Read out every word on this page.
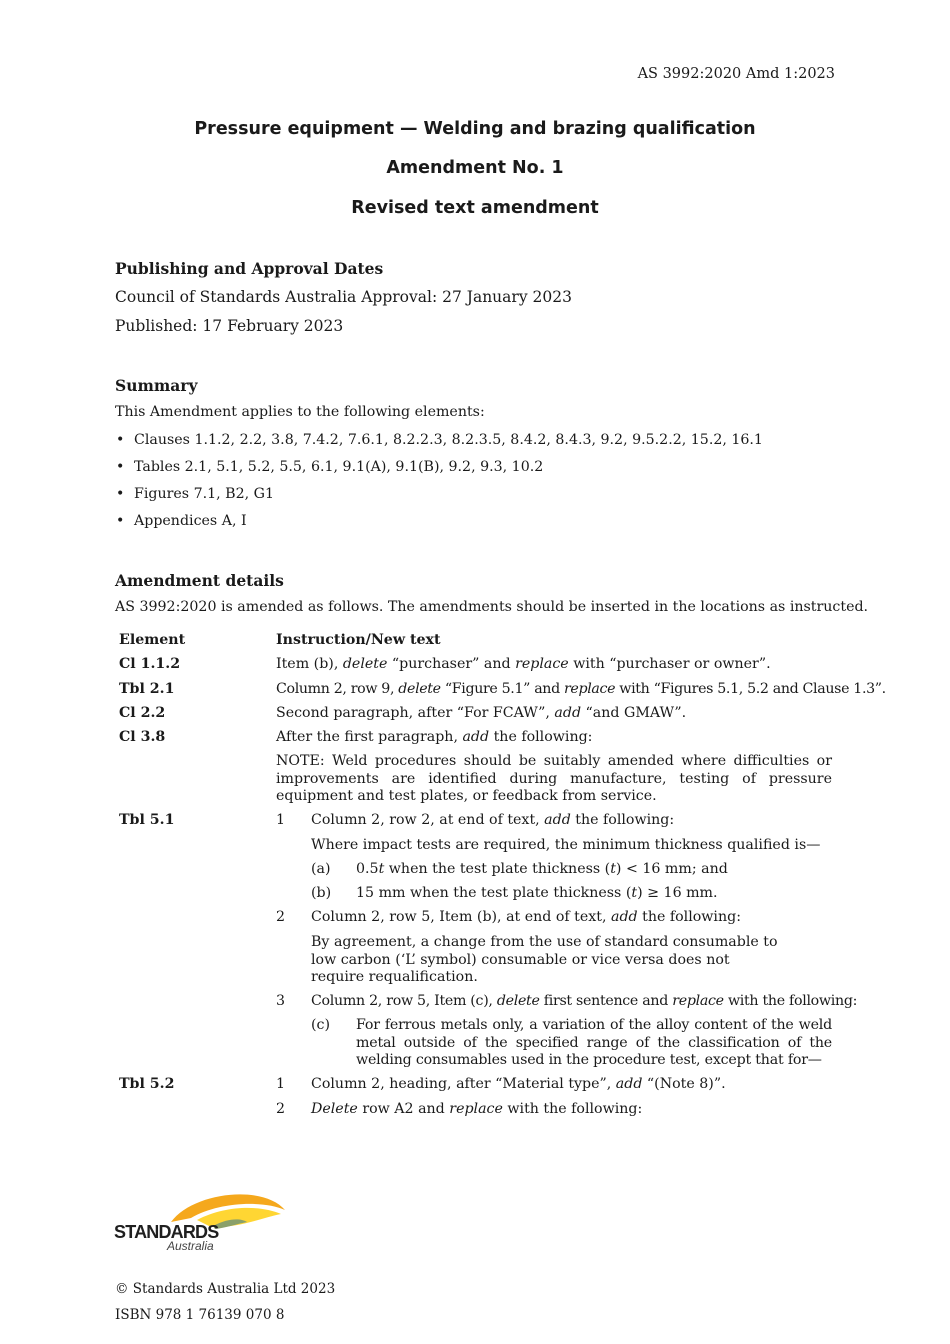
AS 3992:2020 Amd 1:2023
Pressure equipment — Welding and brazing qualification
Amendment No. 1
Revised text amendment
Publishing and Approval Dates
Council of Standards Australia Approval: 27 January 2023
Published: 17 February 2023
Summary
This Amendment applies to the following elements:
• Clauses 1.1.2, 2.2, 3.8, 7.4.2, 7.6.1, 8.2.2.3, 8.2.3.5, 8.4.2, 8.4.3, 9.2, 9.5.2.2, 15.2, 16.1
• Tables 2.1, 5.1, 5.2, 5.5, 6.1, 9.1(A), 9.1(B), 9.2, 9.3, 10.2
• Figures 7.1, B2, G1
• Appendices A, I
Amendment details
AS 3992:2020 is amended as follows. The amendments should be inserted in the locations as instructed.
Element	Instruction/New text
Cl 1.1.2	Item (b), delete “purchaser” and replace with “purchaser or owner”.
Tbl 2.1	Column 2, row 9, delete “Figure 5.1” and replace with “Figures 5.1, 5.2 and Clause 1.3”.
Cl 2.2	Second paragraph, after “For FCAW”, add “and GMAW”.
Cl 3.8	After the first paragraph, add the following:
NOTE: Weld procedures should be suitably amended where difficulties or improvements are identified during manufacture, testing of pressure equipment and test plates, or feedback from service.
Tbl 5.1	1 Column 2, row 2, at end of text, add the following:
Where impact tests are required, the minimum thickness qualified is—
(a) 0.5t when the test plate thickness (t) < 16 mm; and
(b) 15 mm when the test plate thickness (t) ≥ 16 mm.
2 Column 2, row 5, Item (b), at end of text, add the following:
By agreement, a change from the use of standard consumable to low carbon (‘L’ symbol) consumable or vice versa does not require requalification.
3 Column 2, row 5, Item (c), delete first sentence and replace with the following:
(c) For ferrous metals only, a variation of the alloy content of the weld metal outside of the specified range of the classification of the welding consumables used in the procedure test, except that for—
Tbl 5.2	1 Column 2, heading, after “Material type”, add “(Note 8)”.
2 Delete row A2 and replace with the following:
STANDARDS
Australia
© Standards Australia Ltd 2023
ISBN 978 1 76139 070 8
